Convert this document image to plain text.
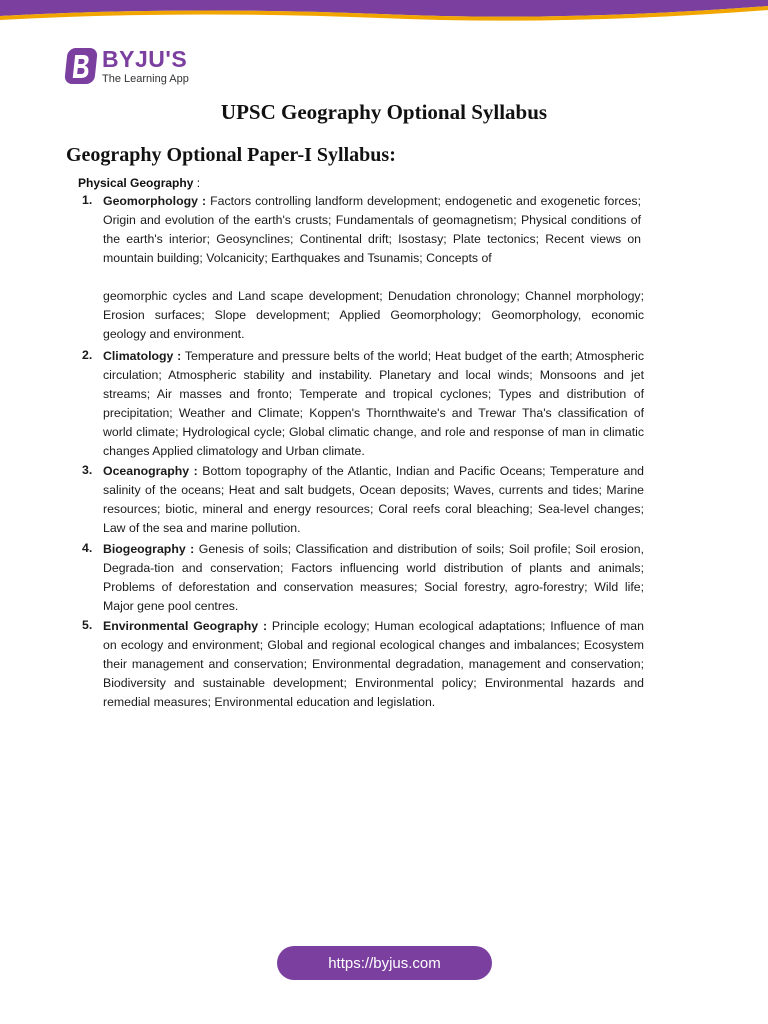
BYJU'S
The Learning App
UPSC Geography Optional Syllabus
Geography Optional Paper-I Syllabus:
Physical Geography :
1. Geomorphology : Factors controlling landform development; endogenetic and exogenetic forces; Origin and evolution of the earth's crusts; Fundamentals of geomagnetism; Physical conditions of the earth's interior; Geosynclines; Continental drift; Isostasy; Plate tectonics; Recent views on mountain building; Volcanicity; Earthquakes and Tsunamis; Concepts of
geomorphic cycles and Land scape development; Denudation chronology; Channel morphology; Erosion surfaces; Slope development; Applied Geomorphology; Geomorphology, economic geology and environment.
2. Climatology : Temperature and pressure belts of the world; Heat budget of the earth; Atmospheric circulation; Atmospheric stability and instability. Planetary and local winds; Monsoons and jet streams; Air masses and fronto; Temperate and tropical cyclones; Types and distribution of precipitation; Weather and Climate; Koppen's Thornthwaite's and Trewar Tha's classification of world climate; Hydrological cycle; Global climatic change, and role and response of man in climatic changes Applied climatology and Urban climate.
3. Oceanography : Bottom topography of the Atlantic, Indian and Pacific Oceans; Temperature and salinity of the oceans; Heat and salt budgets, Ocean deposits; Waves, currents and tides; Marine resources; biotic, mineral and energy resources; Coral reefs coral bleaching; Sea-level changes; Law of the sea and marine pollution.
4. Biogeography : Genesis of soils; Classification and distribution of soils; Soil profile; Soil erosion, Degrada-tion and conservation; Factors influencing world distribution of plants and animals; Problems of deforestation and conservation measures; Social forestry, agro-forestry; Wild life; Major gene pool centres.
5. Environmental Geography : Principle ecology; Human ecological adaptations; Influence of man on ecology and environment; Global and regional ecological changes and imbalances; Ecosystem their management and conservation; Environmental degradation, management and conservation; Biodiversity and sustainable development; Environmental policy; Environmental hazards and remedial measures; Environmental education and legislation.
https://byjus.com
